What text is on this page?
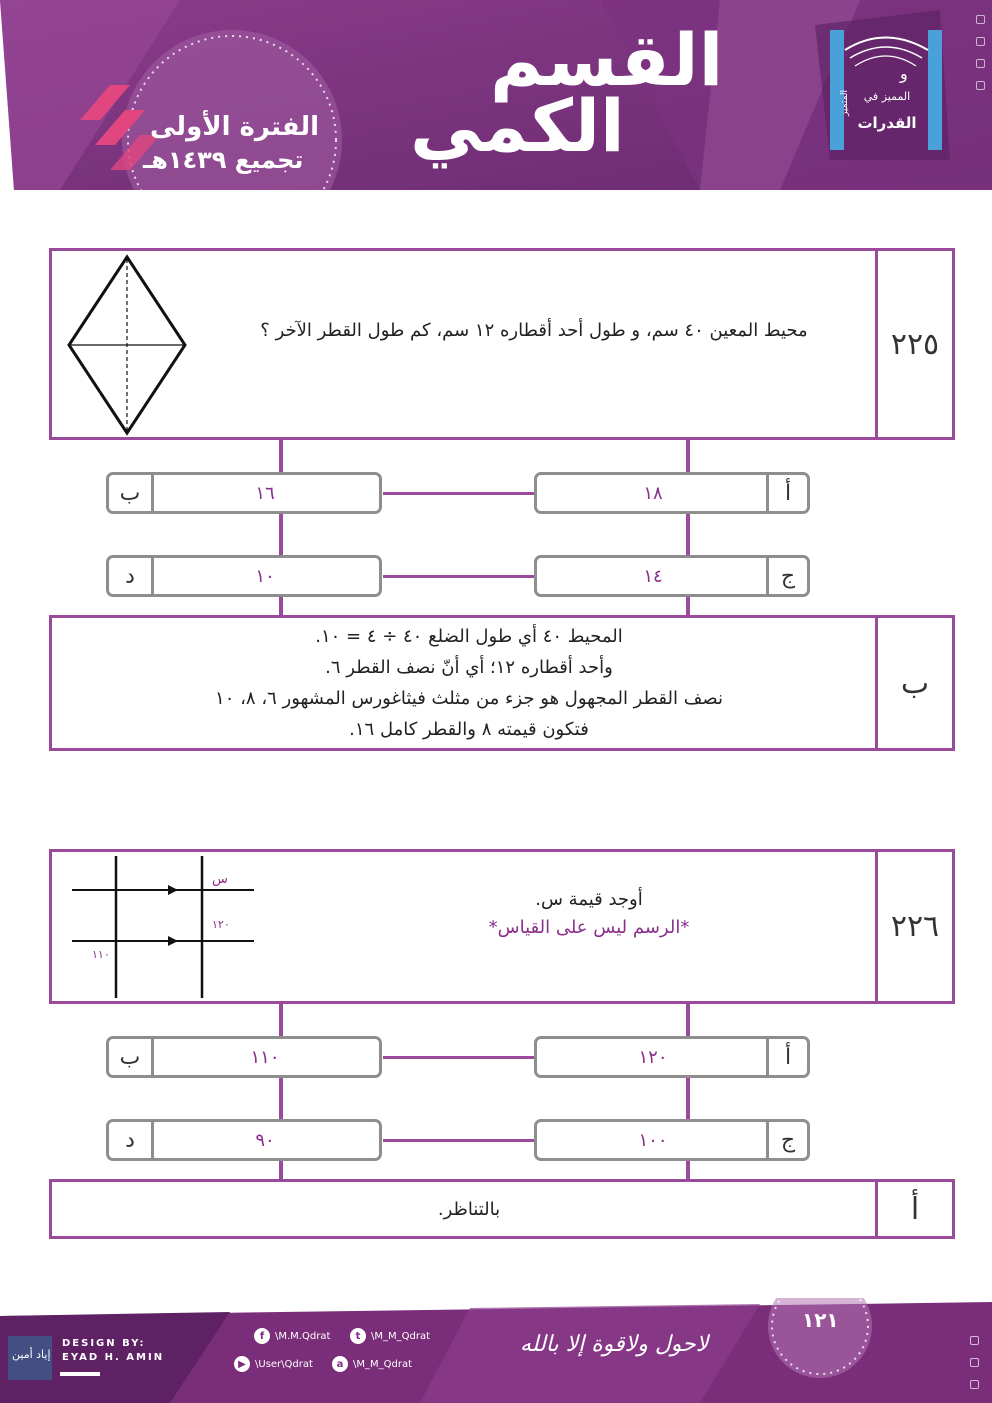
القسم
الكمي
الفترة الأولى
تجميع ١٤٣٩هـ
و
المميز في
القدرات
المتميز
٢٢٥
محيط المعين ٤٠ سم، و طول أحد أقطاره ١٢ سم، كم طول القطر الآخر ؟
أ
١٨
ب	١٦
ج
١٤
د	١٠
ب
المحيط ٤٠ أي طول الضلع ٤٠ ÷ ٤ = ١٠.
وأحد أقطاره ١٢؛ أي أنّ نصف القطر ٦.
نصف القطر المجهول هو جزء من مثلث فيثاغورس المشهور ٦، ٨، ١٠
فتكون قيمته ٨ والقطر كامل ١٦.
٢٢٦
أوجد قيمة س.
*الرسم ليس على القياس*
س
١٢٠
١١٠
أ
١٢٠
ب	١١٠
ج
١٠٠
د	٩٠
أ
بالتناظر.
١٢١
DESIGN BY:
EYAD H. AMIN
إياد أمين	لاحول ولاقوة إلا بالله
f	\M.M.Qdrat	t	\M_M_Qdrat
▶ \User\Qdrat	a \M_M_Qdrat
